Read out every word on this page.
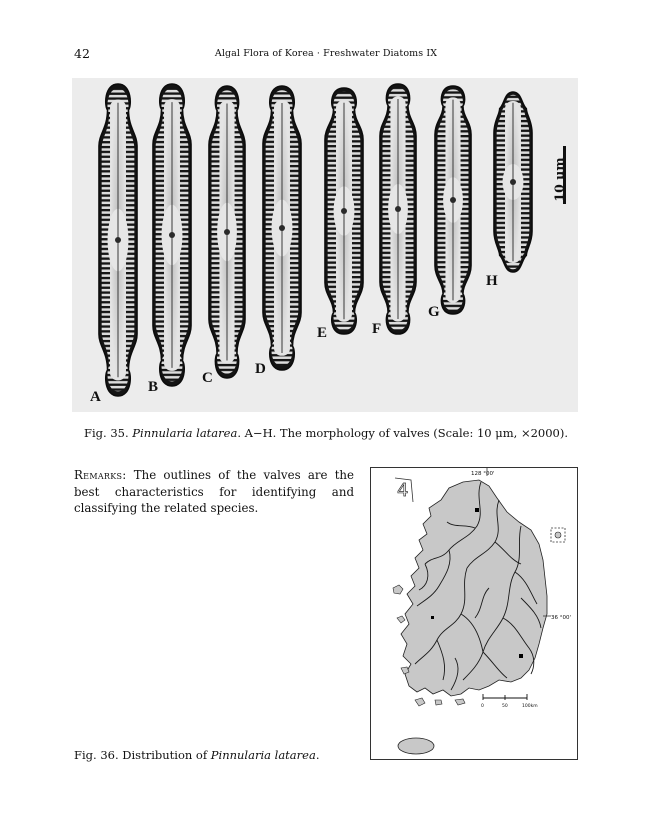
42	Algal Flora of Korea · Freshwater Diatoms IX
A
B
C
D
E	F
G
H
10 μm
Fig. 35. Pinnularia latarea. A−H. The morphology of valves (Scale: 10 μm, ×2000).
Remarks: The outlines of the valves are the best characteristics for identifying and classifying the related species.
128 °00'
36 °00'
4
0	50	100km
Fig. 36. Distribution of Pinnularia latarea.
